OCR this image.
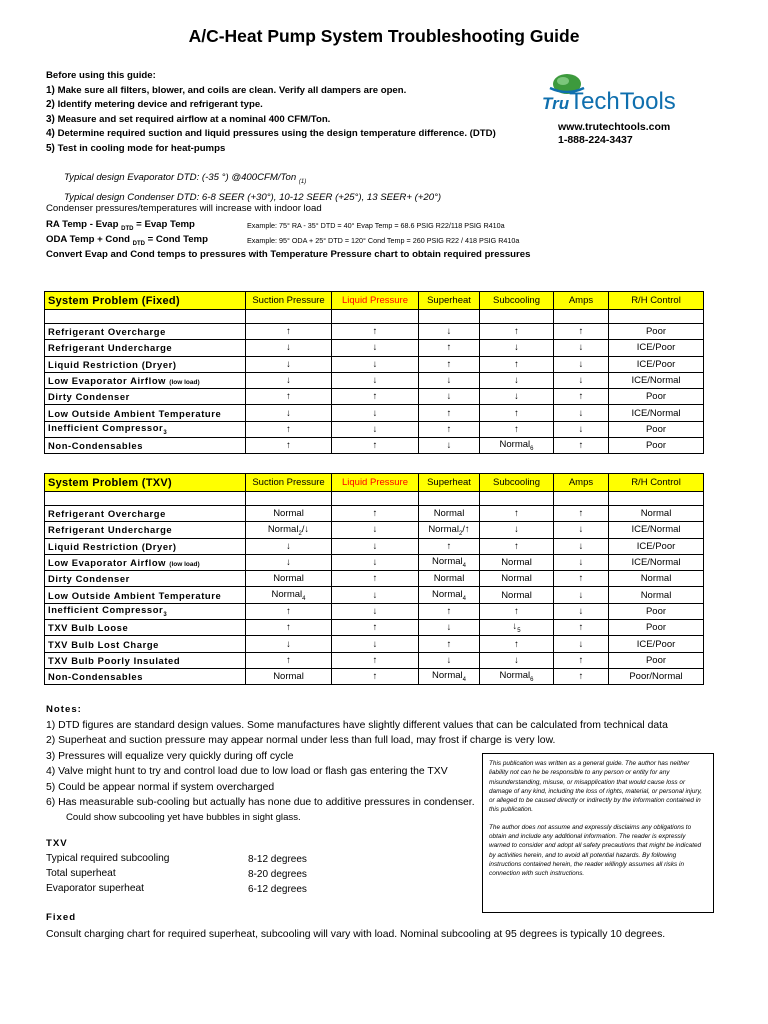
A/C-Heat Pump System Troubleshooting Guide
Before using this guide:
1) Make sure all filters, blower, and coils are clean. Verify all dampers are open.
2) Identify metering device and refrigerant type.
3) Measure and set required airflow at a nominal 400 CFM/Ton.
4) Determine required suction and liquid pressures using the design temperature difference. (DTD)
5) Test in cooling mode for heat-pumps
TruTechTools
www.trutechtools.com
1-888-224-3437
Typical design Evaporator DTD: (-35 °) @400CFM/Ton $_{(1)}$
Typical design Condenser DTD: 6-8 SEER (+30°), 10-12 SEER (+25°), 13 SEER+ (+20°)
Condenser pressures/temperatures will increase with indoor load
RA Temp - Evap $_{DTD}$ = Evap Temp	Example: 75° RA - 35° DTD = 40° Evap Temp = 68.6 PSIG R22/118 PSIG R410a
ODA Temp + Cond $_{DTD}$ = Cond Temp	Example: 95° ODA + 25° DTD = 120° Cond Temp = 260 PSIG R22 / 418 PSIG R410a
Convert Evap and Cond temps to pressures with Temperature Pressure chart to obtain required pressures
System Problem (Fixed)	Suction Pressure	Liquid Pressure	Superheat	Subcooling	Amps	R/H Control

Refrigerant Overcharge	↑	↑	↓	↑	↑	Poor
Refrigerant Undercharge	↓	↓	↑	↓	↓	ICE/Poor
Liquid Restriction (Dryer)	↓	↓	↑	↑	↓	ICE/Poor
Low Evaporator Airflow (low load)	↓	↓	↓	↓	↓	ICE/Normal
Dirty Condenser	↑	↑	↓	↓	↑	Poor
Low Outside Ambient Temperature	↓	↓	↑	↑	↓	ICE/Normal
Inefficient Compressor$_3$	↑	↓	↑	↑	↓	Poor
Non-Condensables	↑	↑	↓	Normal$_6$	↑	Poor
System Problem (TXV)	Suction Pressure	Liquid Pressure	Superheat	Subcooling	Amps	R/H Control

Refrigerant Overcharge	Normal	↑	Normal	↑	↑	Normal
Refrigerant Undercharge	Normal$_2$/↓	↓	Normal$_2$/↑	↓	↓	ICE/Normal
Liquid Restriction (Dryer)	↓	↓	↑	↑	↓	ICE/Poor
Low Evaporator Airflow (low load)	↓	↓	Normal$_4$	Normal	↓	ICE/Normal
Dirty Condenser	Normal	↑	Normal	Normal	↑	Normal
Low Outside Ambient Temperature	Normal$_4$	↓	Normal$_4$	Normal	↓	Normal
Inefficient Compressor$_3$	↑	↓	↑	↑	↓	Poor
TXV Bulb Loose	↑	↑	↓	$↓_5$	↑	Poor
TXV Bulb Lost Charge	↓	↓	↑	↑	↓	ICE/Poor
TXV Bulb Poorly Insulated	↑	↑	↓	↓	↑	Poor
Non-Condensables	Normal	↑	Normal$_4$	Normal$_6$	↑	Poor/Normal
Notes:
1) DTD figures are standard design values. Some manufactures have slightly different values that can be calculated from technical data
2) Superheat and suction pressure may appear normal under less than full load, may frost if charge is very low.
3) Pressures will equalize very quickly during off cycle
4) Valve might hunt to try and control load due to low load or flash gas entering the TXV
5) Could be appear normal if system overcharged
6) Has measurable sub-cooling but actually has none due to additive pressures in condenser.
Could show subcooling yet have bubbles in sight glass.

This publication was written as a general guide. The author has neither liability not can he be responsible to any person or entity for any misunderstanding, misuse, or misapplication that would cause loss or damage of any kind, including the loss of rights, material, or personal injury, or alleged to be caused directly or indirectly by the information contained in this publication.

The author does not assume and expressly disclaims any obligations to obtain and include any additional information. The reader is expressly warned to consider and adopt all safety precautions that might be indicated by activities herein, and to avoid all potential hazards. By following instructions contained herein, the reader willingly assumes all risks in connection with such instructions.

TXV
Typical required subcooling	8-12 degrees
Total superheat	8-20 degrees
Evaporator superheat	6-12 degrees
Fixed
Consult charging chart for required superheat, subcooling will vary with load. Nominal subcooling at 95 degrees is typically 10 degrees.
